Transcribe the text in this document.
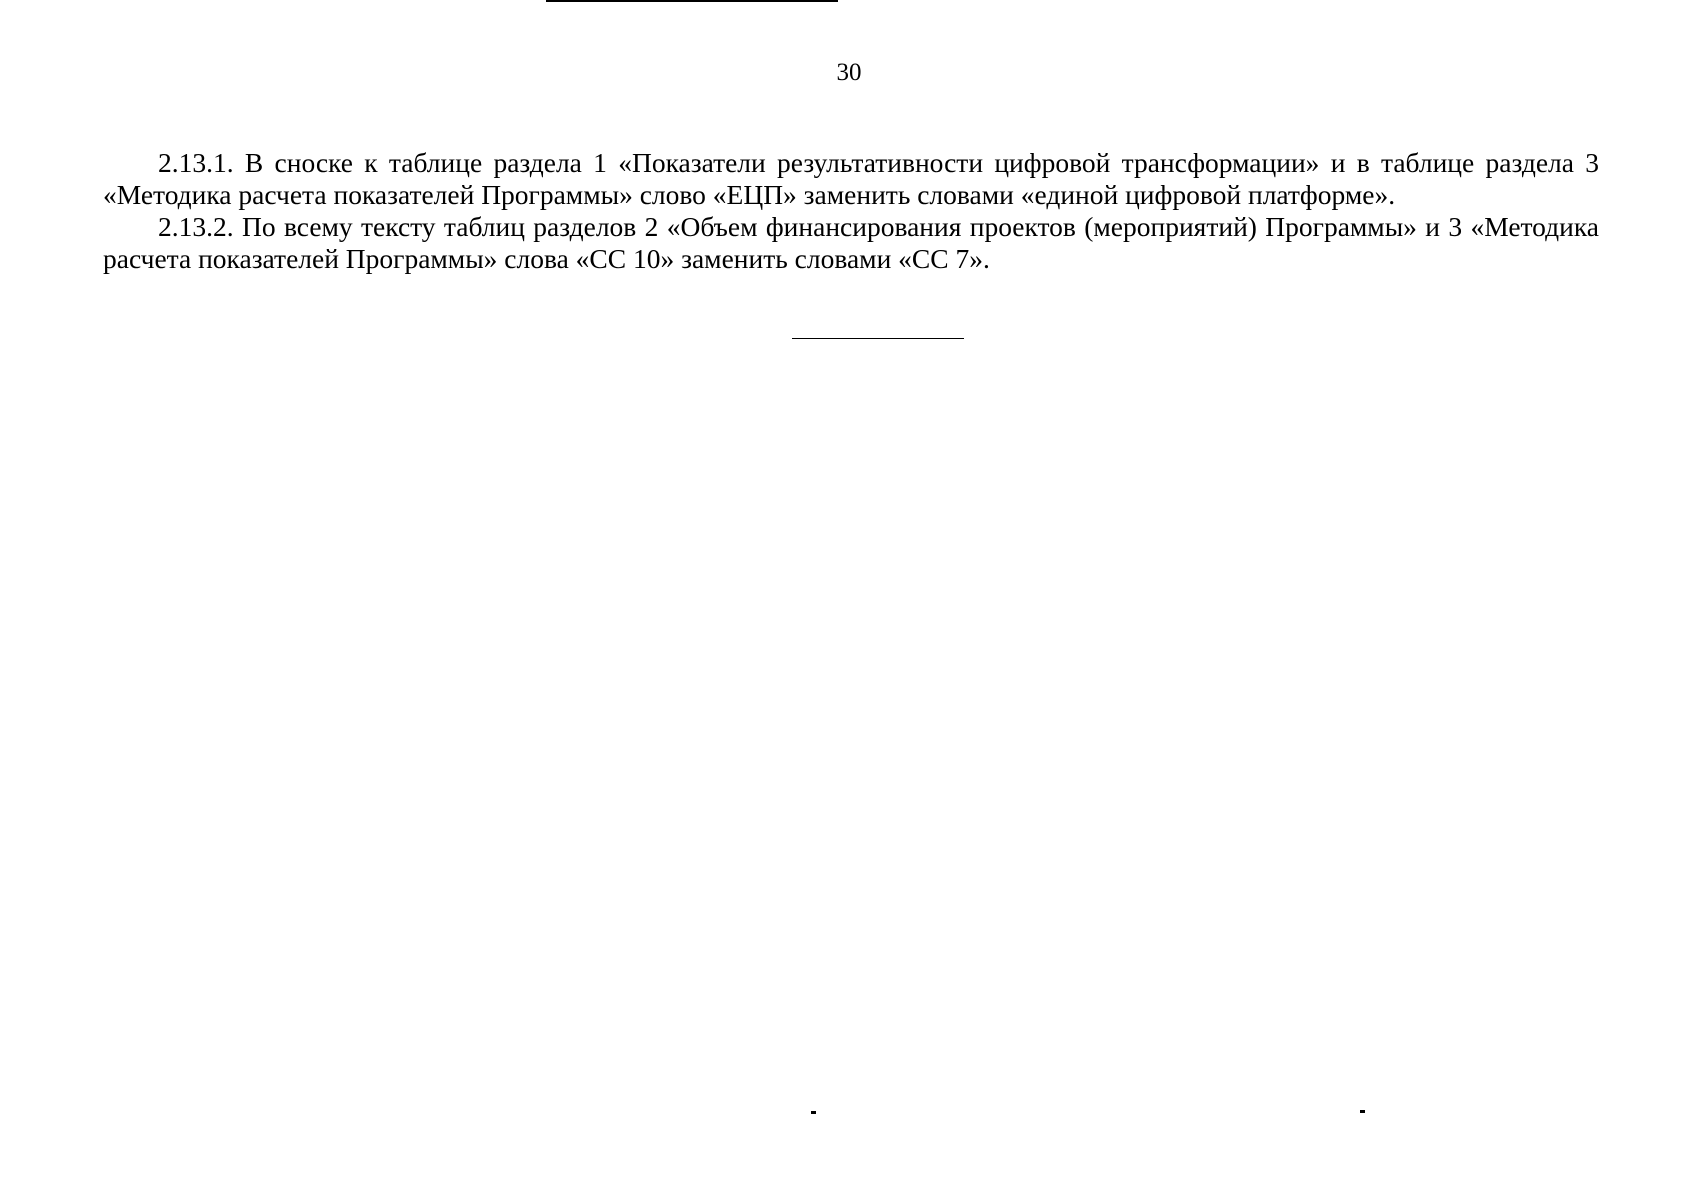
30

2.13.1. В сноске к таблице раздела 1 «Показатели результативности цифровой трансформации» и в таблице раздела 3 «Методика расчета показателей Программы» слово «ЕЦП» заменить словами «единой цифровой платформе».

2.13.2. По всему тексту таблиц разделов 2 «Объем финансирования проектов (мероприятий) Программы» и 3 «Методика расчета показателей Программы» слова «СС 10» заменить словами «СС 7».
